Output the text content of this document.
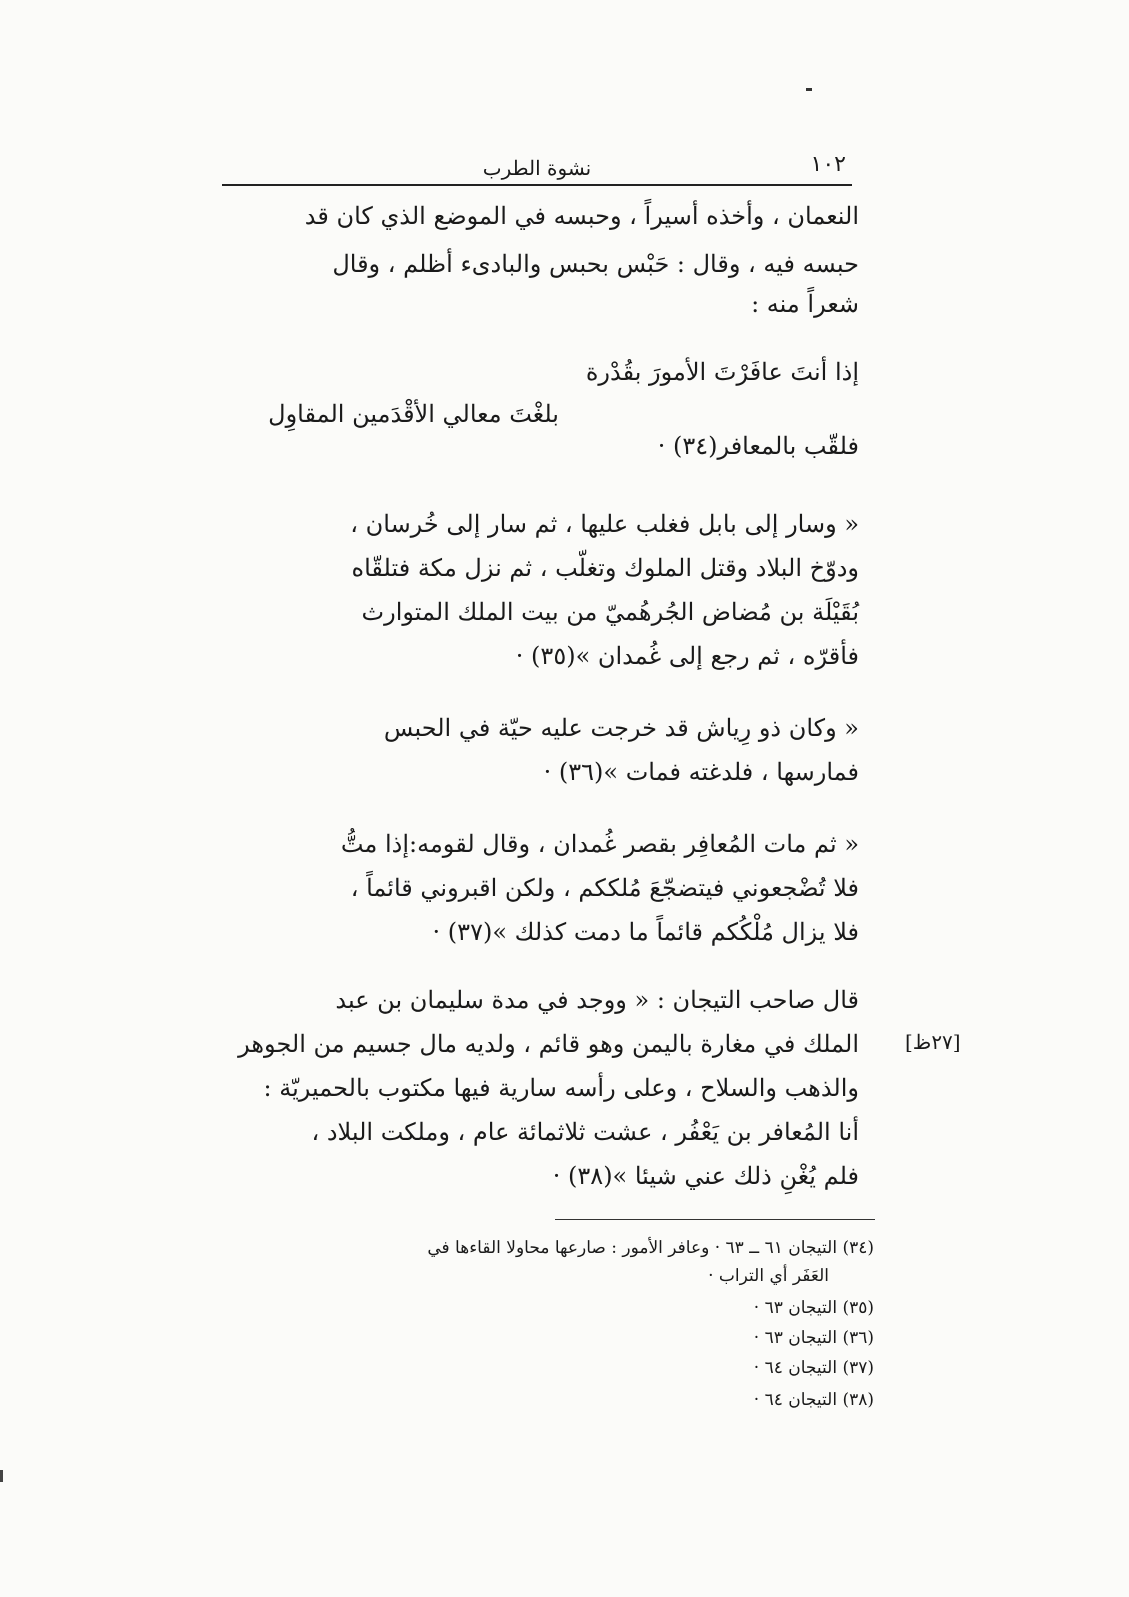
١٠٢
نشوة الطرب
النعمان ، وأخذه أسيراً ، وحبسه في الموضع الذي كان قد
حبسه فيه ، وقال : حَبْس بحبس والبادىء أظلم ، وقال
شعراً منه :
إذا أنتَ عافَرْتَ الأمورَ بقُدْرة
بلغْتَ معالي الأقْدَمين المقاوِل
فلقّب بالمعافر(٣٤) ·
« وسار إلى بابل فغلب عليها ، ثم سار إلى خُرسان ،
ودوّخ البلاد وقتل الملوك وتغلّب ، ثم نزل مكة فتلقّاه
بُقَيْلَة بن مُضاض الجُرهُميّ من بيت الملك المتوارث
فأقرّه ، ثم رجع إلى غُمدان »(٣٥) ·
« وكان ذو رِياش قد خرجت عليه حيّة في الحبس
فمارسها ، فلدغته فمات »(٣٦) ·
« ثم مات المُعافِر بقصر غُمدان ، وقال لقومه:إذا متُّ
فلا تُضْجعوني فيتضجّعَ مُلككم ، ولكن اقبروني قائماً ،
فلا يزال مُلْكُكم قائماً ما دمت كذلك »(٣٧) ·
قال صاحب التيجان : « ووجد في مدة سليمان بن عبد
الملك في مغارة باليمن وهو قائم ، ولديه مال جسيم من الجوهر
والذهب والسلاح ، وعلى رأسه سارية فيها مكتوب بالحميريّة :
أنا المُعافر بن يَعْفُر ، عشت ثلاثمائة عام ، وملكت البلاد ،
فلم يُغْنِ ذلك عني شيئا »(٣٨) ·
[٢٧ظ]
(٣٤) التيجان ٦١ ــ ٦٣ · وعافر الأمور : صارعها محاولا القاءها في
العَفَر أي التراب ·
(٣٥) التيجان ٦٣ ·
(٣٦) التيجان ٦٣ ·
(٣٧) التيجان ٦٤ ·
(٣٨) التيجان ٦٤ ·
